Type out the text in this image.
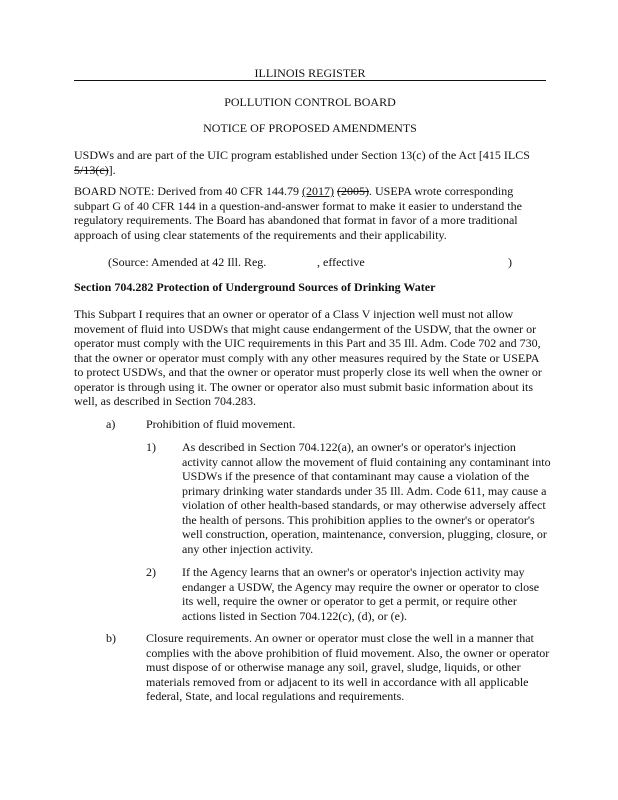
ILLINOIS REGISTER
POLLUTION CONTROL BOARD
NOTICE OF PROPOSED AMENDMENTS
USDWs and are part of the UIC program established under Section 13(c) of the Act [415 ILCS 5/13(c)].
BOARD NOTE: Derived from 40 CFR 144.79 (2017) (2005). USEPA wrote corresponding subpart G of 40 CFR 144 in a question-and-answer format to make it easier to understand the regulatory requirements. The Board has abandoned that format in favor of a more traditional approach of using clear statements of the requirements and their applicability.
(Source: Amended at 42 Ill. Reg.	, effective	)
Section 704.282 Protection of Underground Sources of Drinking Water
This Subpart I requires that an owner or operator of a Class V injection well must not allow movement of fluid into USDWs that might cause endangerment of the USDW, that the owner or operator must comply with the UIC requirements in this Part and 35 Ill. Adm. Code 702 and 730, that the owner or operator must comply with any other measures required by the State or USEPA to protect USDWs, and that the owner or operator must properly close its well when the owner or operator is through using it. The owner or operator also must submit basic information about its well, as described in Section 704.283.
a)	Prohibition of fluid movement.
1) As described in Section 704.122(a), an owner's or operator's injection activity cannot allow the movement of fluid containing any contaminant into USDWs if the presence of that contaminant may cause a violation of the primary drinking water standards under 35 Ill. Adm. Code 611, may cause a violation of other health-based standards, or may otherwise adversely affect the health of persons. This prohibition applies to the owner's or operator's well construction, operation, maintenance, conversion, plugging, closure, or any other injection activity.
2) If the Agency learns that an owner's or operator's injection activity may endanger a USDW, the Agency may require the owner or operator to close its well, require the owner or operator to get a permit, or require other actions listed in Section 704.122(c), (d), or (e).
b)	Closure requirements. An owner or operator must close the well in a manner that complies with the above prohibition of fluid movement. Also, the owner or operator must dispose of or otherwise manage any soil, gravel, sludge, liquids, or other materials removed from or adjacent to its well in accordance with all applicable federal, State, and local regulations and requirements.
